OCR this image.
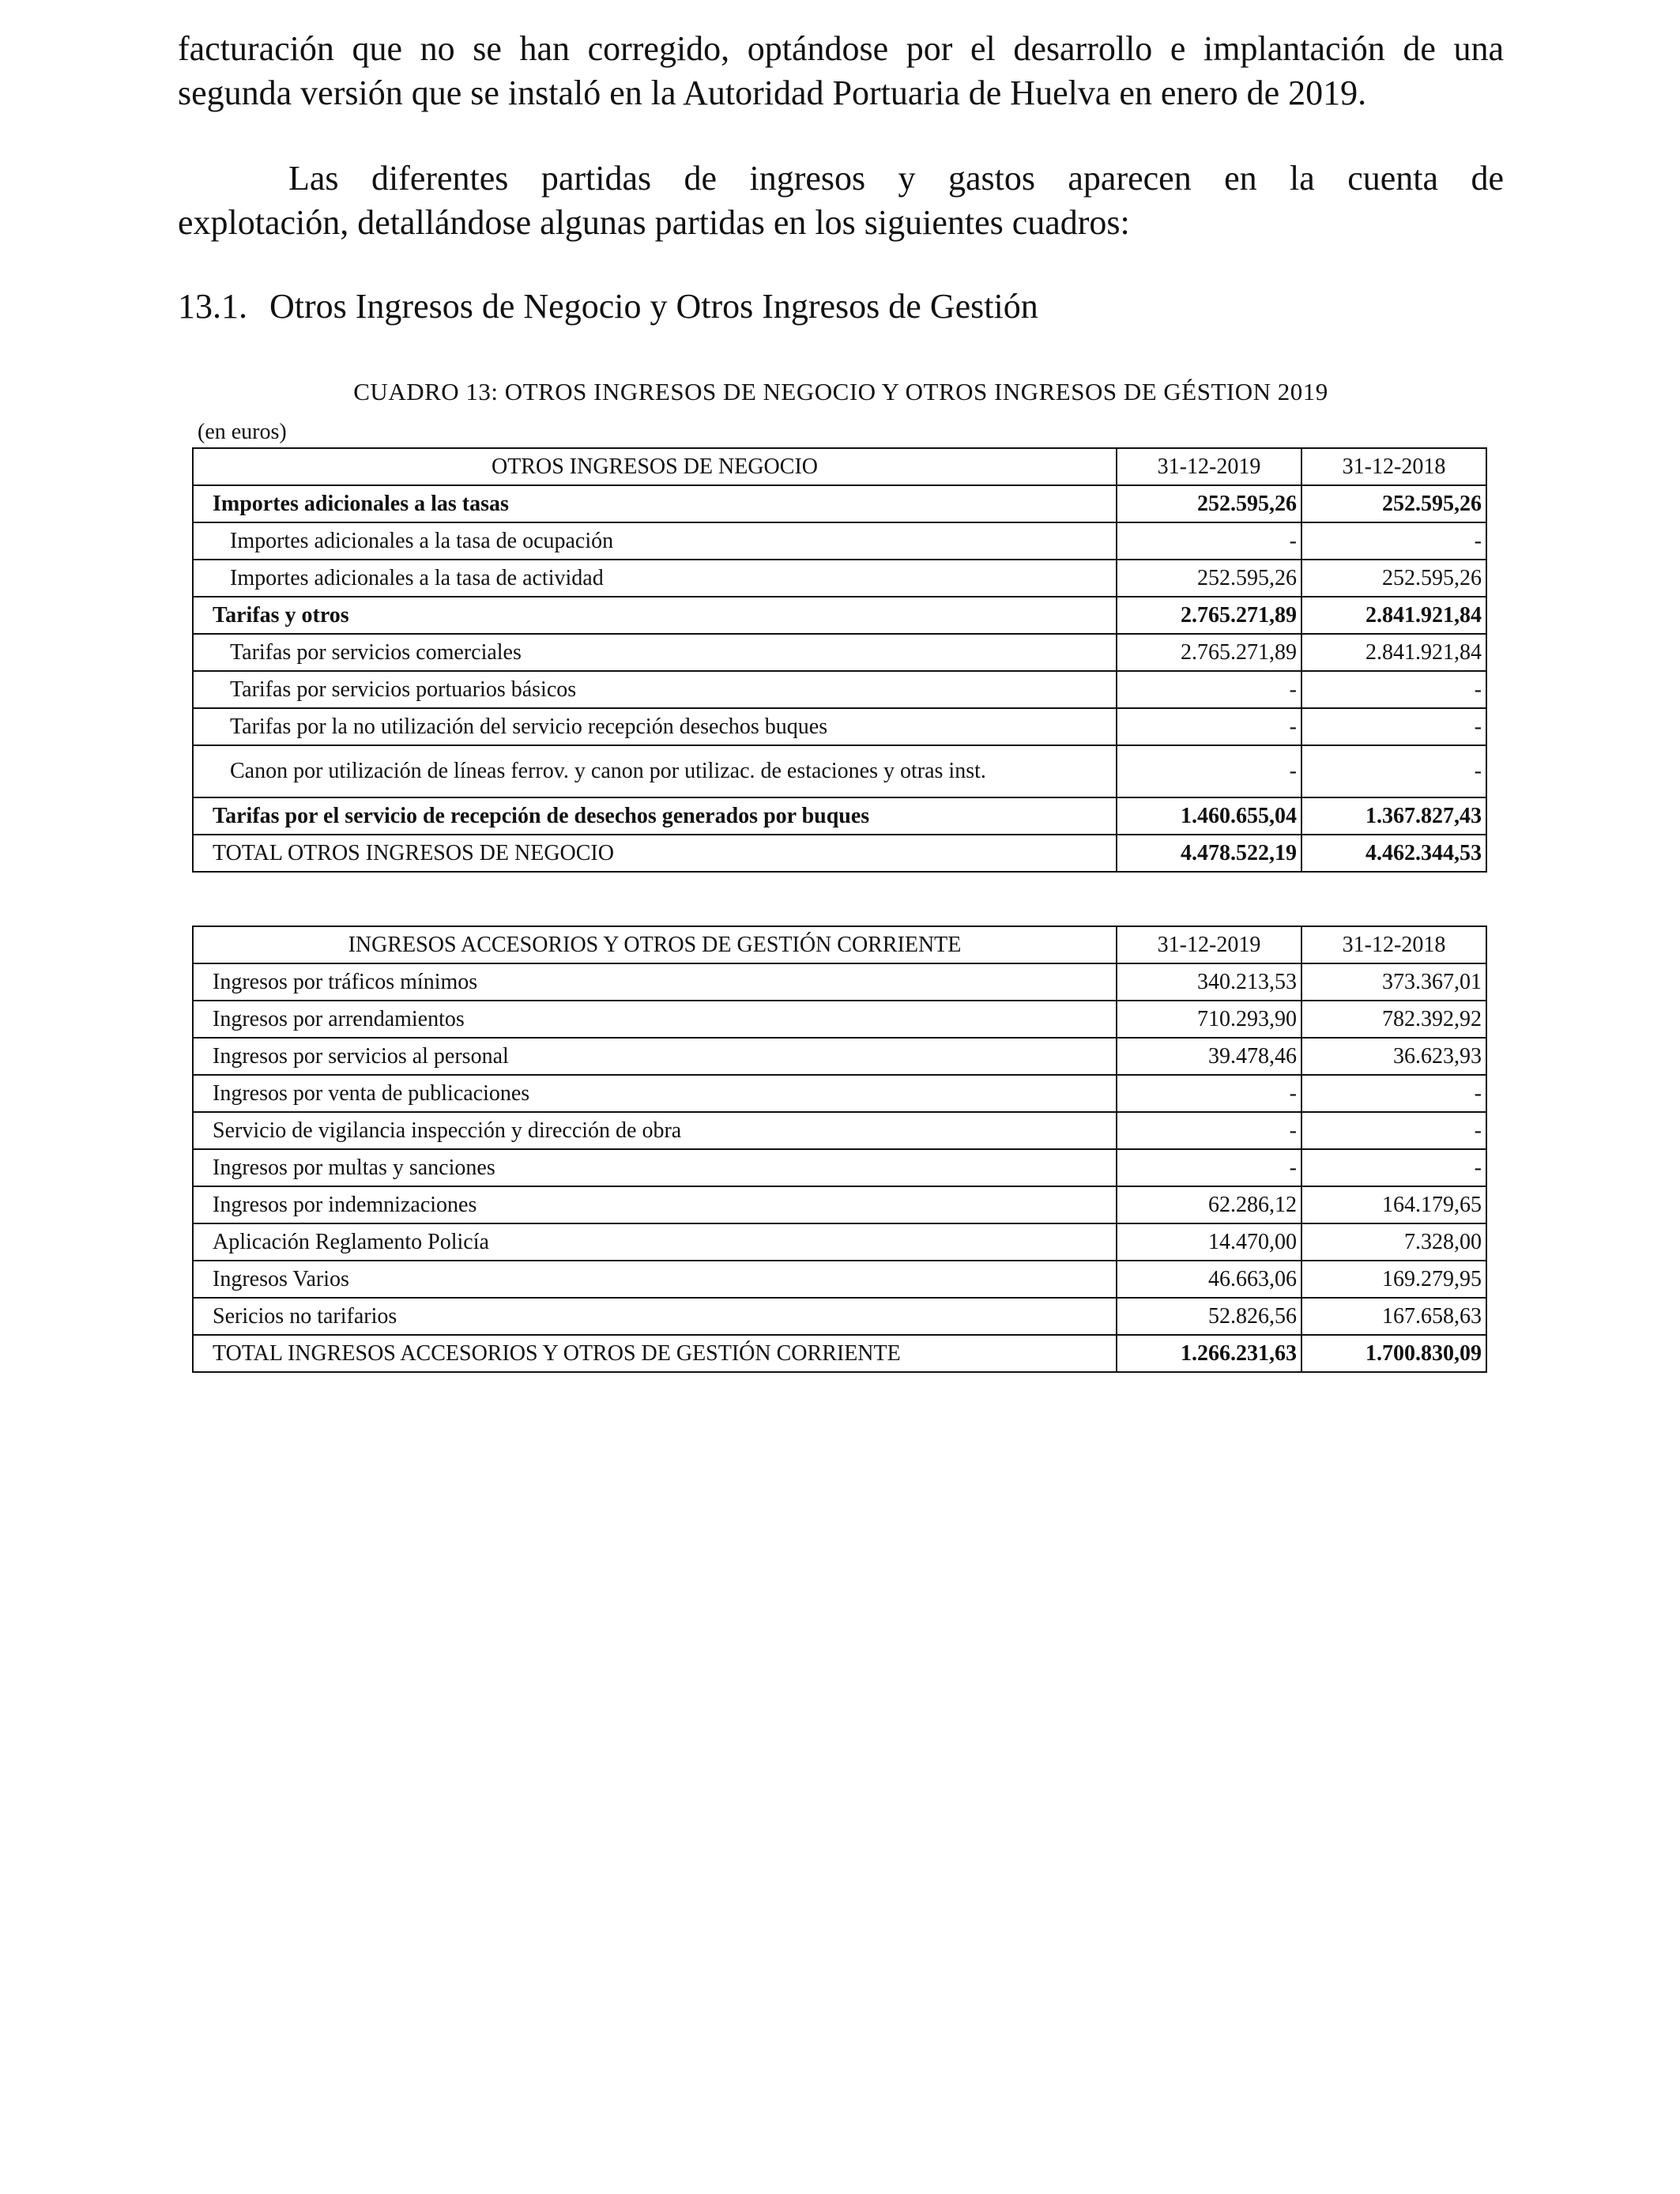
facturación que no se han corregido, optándose por el desarrollo e implantación de una
segunda versión que se instaló en la Autoridad Portuaria de Huelva en enero de 2019.

Las diferentes partidas de ingresos y gastos aparecen en la cuenta de
explotación, detallándose algunas partidas en los siguientes cuadros:

13.1. Otros Ingresos de Negocio y Otros Ingresos de Gestión

CUADRO 13: OTROS INGRESOS DE NEGOCIO Y OTROS INGRESOS DE GÉSTION 2019

(en euros)

OTROS INGRESOS DE NEGOCIO	31-12-2019	31-12-2018
Importes adicionales a las tasas	252.595,26	252.595,26
Importes adicionales a la tasa de ocupación	-	-
Importes adicionales a la tasa de actividad	252.595,26	252.595,26
Tarifas y otros	2.765.271,89	2.841.921,84
Tarifas por servicios comerciales	2.765.271,89	2.841.921,84
Tarifas por servicios portuarios básicos	-	-
Tarifas por la no utilización del servicio recepción desechos buques	-	-
Canon por utilización de líneas ferrov. y canon por utilizac. de estaciones y otras inst.	-	-
Tarifas por el servicio de recepción de desechos generados por buques	1.460.655,04	1.367.827,43
TOTAL OTROS INGRESOS DE NEGOCIO	4.478.522,19	4.462.344,53
INGRESOS ACCESORIOS Y OTROS DE GESTIÓN CORRIENTE	31-12-2019	31-12-2018
Ingresos por tráficos mínimos	340.213,53	373.367,01
Ingresos por arrendamientos	710.293,90	782.392,92
Ingresos por servicios al personal	39.478,46	36.623,93
Ingresos por venta de publicaciones	-	-
Servicio de vigilancia inspección y dirección de obra	-	-
Ingresos por multas y sanciones	-	-
Ingresos por indemnizaciones	62.286,12	164.179,65
Aplicación Reglamento Policía	14.470,00	7.328,00
Ingresos Varios	46.663,06	169.279,95
Sericios no tarifarios	52.826,56	167.658,63
TOTAL INGRESOS ACCESORIOS Y OTROS DE GESTIÓN CORRIENTE	1.266.231,63	1.700.830,09
